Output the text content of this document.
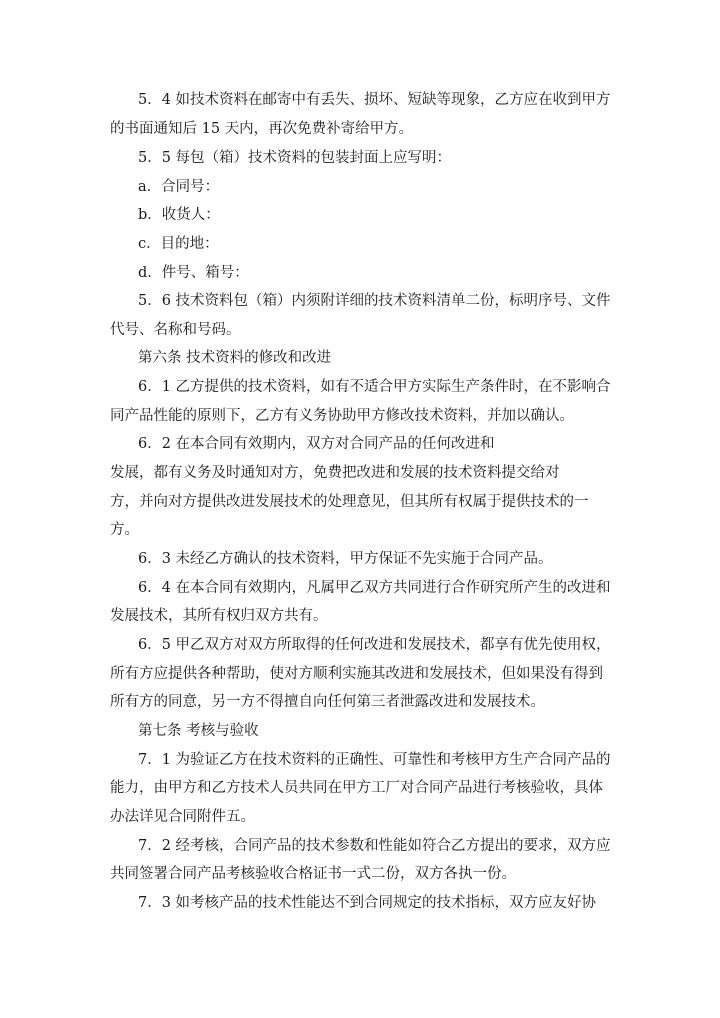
5．4 如技术资料在邮寄中有丢失、损坏、短缺等现象，乙方应在收到甲方
的书面通知后 15 天内，再次免费补寄给甲方。
5．5 每包（箱）技术资料的包装封面上应写明：
a．合同号：
b．收货人：
c．目的地：
d．件号、箱号：
5．6 技术资料包（箱）内须附详细的技术资料清单二份，标明序号、文件
代号、名称和号码。
第六条 技术资料的修改和改进
6．1 乙方提供的技术资料，如有不适合甲方实际生产条件时，在不影响合
同产品性能的原则下，乙方有义务协助甲方修改技术资料，并加以确认。
6．2 在本合同有效期内，双方对合同产品的任何改进和
发展，都有义务及时通知对方，免费把改进和发展的技术资料提交给对
方，并向对方提供改进发展技术的处理意见，但其所有权属于提供技术的一
方。
6．3 未经乙方确认的技术资料，甲方保证不先实施于合同产品。
6．4 在本合同有效期内，凡属甲乙双方共同进行合作研究所产生的改进和
发展技术，其所有权归双方共有。
6．5 甲乙双方对双方所取得的任何改进和发展技术，都享有优先使用权，
所有方应提供各种帮助，使对方顺利实施其改进和发展技术，但如果没有得到
所有方的同意，另一方不得擅自向任何第三者泄露改进和发展技术。
第七条 考核与验收
7．1 为验证乙方在技术资料的正确性、可靠性和考核甲方生产合同产品的
能力，由甲方和乙方技术人员共同在甲方工厂对合同产品进行考核验收，具体
办法详见合同附件五。
7．2 经考核，合同产品的技术参数和性能如符合乙方提出的要求，双方应
共同签署合同产品考核验收合格证书一式二份，双方各执一份。
7．3 如考核产品的技术性能达不到合同规定的技术指标，双方应友好协
